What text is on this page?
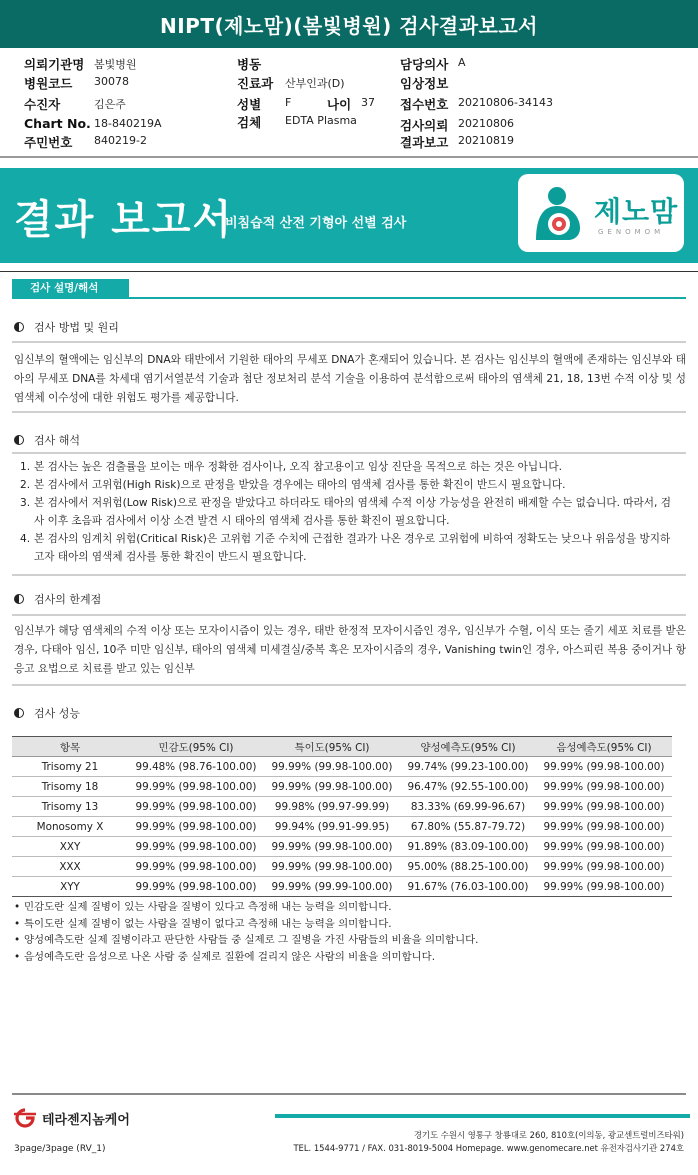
NIPT(제노맘)(봄빛병원) 검사결과보고서
의뢰기관명 봄빛병원
병원코드 30078
수진자	김은주
Chart No. 18-840219A
주민번호 840219-2
병동
진료과 산부인과(D)
성별 F
검체 EDTA Plasma
나이 37
담당의사 A
임상정보
접수번호 20210806-34143
검사의뢰 20210806
결과보고 20210819
결과 보고서
비침습적 산전 기형아 선별 검사	제노맘
GENOMOM
검사 설명/해석
검사 방법 및 원리
임신부의 혈액에는 임신부의 DNA와 태반에서 기원한 태아의 무세포 DNA가 혼재되어 있습니다. 본 검사는 임신부의 혈액에 존재하는 임신부와 태아의 무세포 DNA를 차세대 염기서열분석 기술과 첨단 정보처리 분석 기술을 이용하여 분석함으로써 태아의 염색체 21, 18, 13번 수적 이상 및 성염색체 이수성에 대한 위험도 평가를 제공합니다.
검사 해석
1. 본 검사는 높은 검출률을 보이는 매우 정확한 검사이나, 오직 참고용이고 임상 진단을 목적으로 하는 것은 아닙니다.
2. 본 검사에서 고위험(High Risk)으로 판정을 받았을 경우에는 태아의 염색체 검사를 통한 확진이 반드시 필요합니다.
3. 본 검사에서 저위험(Low Risk)으로 판정을 받았다고 하더라도 태아의 염색체 수적 이상 가능성을 완전히 배제할 수는 없습니다. 따라서, 검사 이후 초음파 검사에서 이상 소견 발견 시 태아의 염색체 검사를 통한 확진이 필요합니다.
4. 본 검사의 임계치 위험(Critical Risk)은 고위험 기준 수치에 근접한 결과가 나온 경우로 고위험에 비하여 정확도는 낮으나 위음성을 방지하고자 태아의 염색체 검사를 통한 확진이 반드시 필요합니다.
검사의 한계점
임신부가 해당 염색체의 수적 이상 또는 모자이시즘이 있는 경우, 태반 한정적 모자이시즘인 경우, 임신부가 수혈, 이식 또는 줄기 세포 치료를 받은 경우, 다태아 임신, 10주 미만 임신부, 태아의 염색체 미세결실/중복 혹은 모자이시즘의 경우, Vanishing twin인 경우, 아스피린 복용 중이거나 항 응고 요법으로 치료를 받고 있는 임신부
검사 성능
항목	민감도(95% CI)	특이도(95% CI)	양성예측도(95% CI)	음성예측도(95% CI)
Trisomy 21	99.48% (98.76-100.00)	99.99% (99.98-100.00)	99.74% (99.23-100.00)	99.99% (99.98-100.00)
Trisomy 18	99.99% (99.98-100.00)	99.99% (99.98-100.00)	96.47% (92.55-100.00)	99.99% (99.98-100.00)
Trisomy 13	99.99% (99.98-100.00)	99.98% (99.97-99.99)	83.33% (69.99-96.67)	99.99% (99.98-100.00)
Monosomy X	99.99% (99.98-100.00)	99.94% (99.91-99.95)	67.80% (55.87-79.72)	99.99% (99.98-100.00)
XXY	99.99% (99.98-100.00)	99.99% (99.98-100.00)	91.89% (83.09-100.00)	99.99% (99.98-100.00)
XXX	99.99% (99.98-100.00)	99.99% (99.98-100.00)	95.00% (88.25-100.00)	99.99% (99.98-100.00)
XYY	99.99% (99.98-100.00)	99.99% (99.99-100.00)	91.67% (76.03-100.00)	99.99% (99.98-100.00)
• 민감도란 실제 질병이 있는 사람을 질병이 있다고 측정해 내는 능력을 의미합니다.
• 특이도란 실제 질병이 없는 사람을 질병이 없다고 측정해 내는 능력을 의미합니다.
• 양성예측도란 실제 질병이라고 판단한 사람들 중 실제로 그 질병을 가진 사람들의 비율을 의미합니다.
• 음성예측도란 음성으로 나온 사람 중 실제로 질환에 걸리지 않은 사람의 비율을 의미합니다.
테라젠지놈케어
3page/3page (RV_1)
경기도 수원시 영통구 창룡대로 260, 810호(이의동, 광교센트럴비즈타워)
TEL. 1544-9771 / FAX. 031-8019-5004 Homepage. www.genomecare.net 유전자검사기관 274호
